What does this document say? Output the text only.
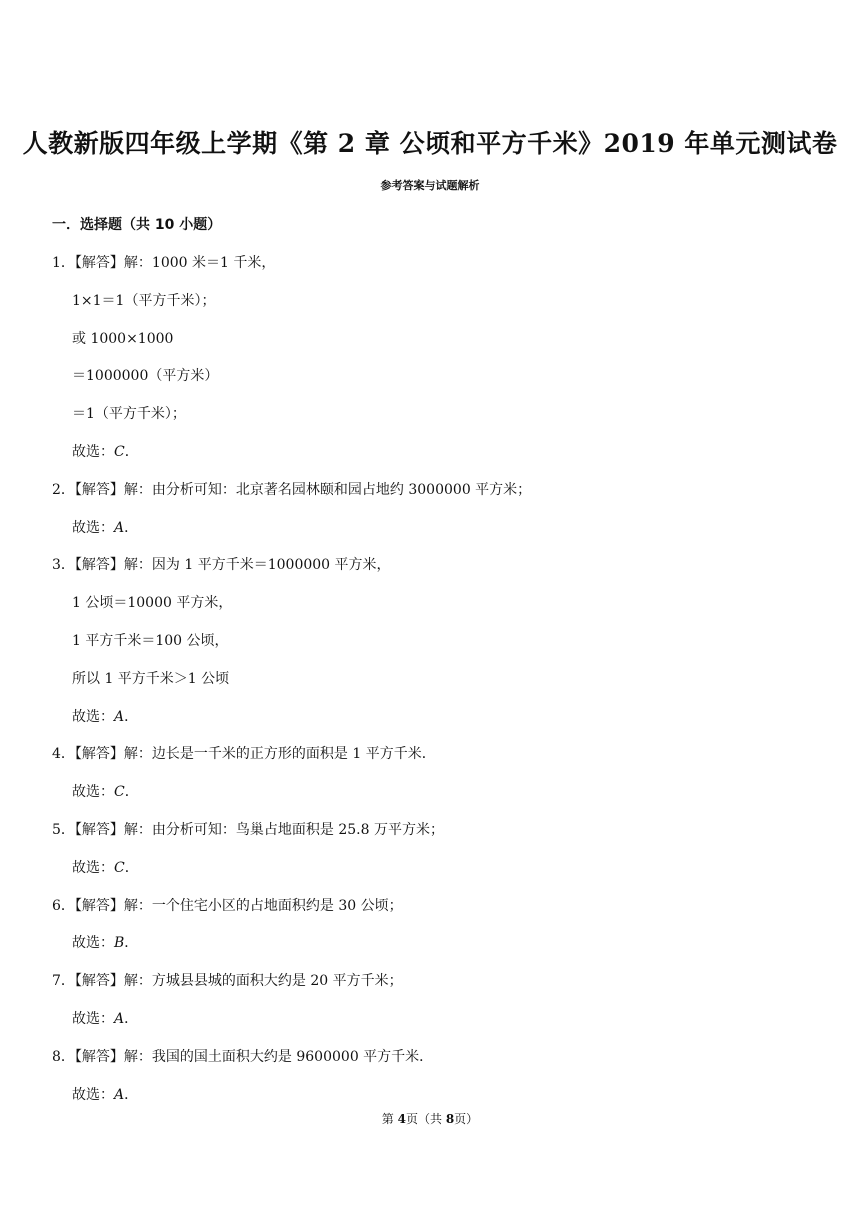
人教新版四年级上学期《第 2 章 公顷和平方千米》2019 年单元测试卷
参考答案与试题解析
一．选择题（共 10 小题）
1．【解答】解：1000 米＝1 千米，
1×1＝1（平方千米）；
或 1000×1000
＝1000000（平方米）
＝1（平方千米）；
故选：C．
2．【解答】解：由分析可知：北京著名园林颐和园占地约 3000000 平方米；
故选：A．
3．【解答】解：因为 1 平方千米＝1000000 平方米，
1 公顷＝10000 平方米，
1 平方千米＝100 公顷，
所以 1 平方千米＞1 公顷
故选：A．
4．【解答】解：边长是一千米的正方形的面积是 1 平方千米．
故选：C．
5．【解答】解：由分析可知：鸟巢占地面积是 25.8 万平方米；
故选：C．
6．【解答】解：一个住宅小区的占地面积约是 30 公顷；
故选：B．
7．【解答】解：方城县县城的面积大约是 20 平方千米；
故选：A．
8．【解答】解：我国的国土面积大约是 9600000 平方千米．
故选：A．
第 4页（共 8页）
